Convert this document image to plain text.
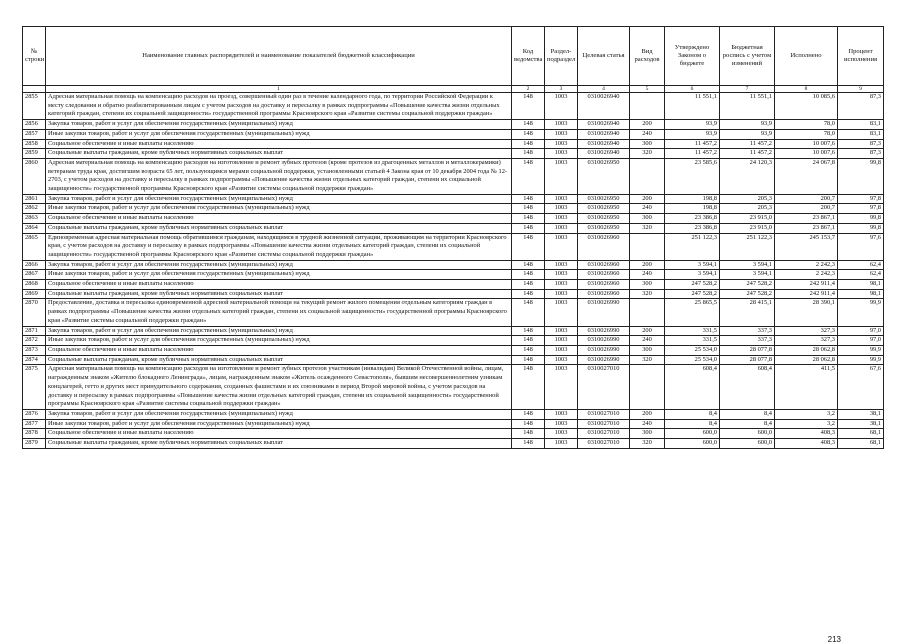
№ строки	Наименование главных распорядителей и наименование показателей бюджетной классификации	Код ведомства	Раздел-подраздел	Целевая статья	Вид расходов	Утверждено Законом о бюджете	Бюджетная роспись с учетом изменений	Исполнено	Процент исполнения
	1	2	3	4	5	6	7	8	9
2855	Адресная материальная помощь на компенсацию расходов на проезд, совершенный один раз в течение календарного года, по территории Российской Федерации к месту следования и обратно реабилитированным лицам с учетом расходов на доставку и пересылку в рамках подпрограммы «Повышение качества жизни отдельных категорий граждан, степени их социальной защищенности» государственной программы Красноярского края «Развитие системы социальной поддержки граждан»	148	1003	0310026940		11 551,1	11 551,1	10 085,6	87,3
2856	Закупка товаров, работ и услуг для обеспечения государственных (муниципальных) нужд	148	1003	0310026940	200	93,9	93,9	78,0	83,1
2857	Иные закупки товаров, работ и услуг для обеспечения государственных (муниципальных) нужд	148	1003	0310026940	240	93,9	93,9	78,0	83,1
2858	Социальное обеспечение и иные выплаты населению	148	1003	0310026940	300	11 457,2	11 457,2	10 007,6	87,3
2859	Социальные выплаты гражданам, кроме публичных нормативных социальных выплат	148	1003	0310026940	320	11 457,2	11 457,2	10 007,6	87,3
2860	Адресная материальная помощь на компенсацию расходов на изготовление и ремонт зубных протезов (кроме протезов из драгоценных металлов и металлокерамики) ветеранам труда края, достигшим возраста 65 лет, пользующимся мерами социальной поддержки, установленными статьей 4 Закона края от 10 декабря 2004 года № 12-2703, с учетом расходов на доставку и пересылку в рамках подпрограммы «Повышение качества жизни отдельных категорий граждан, степени их социальной защищенности» государственной программы Красноярского края «Развитие системы социальной поддержки граждан»	148	1003	0310026950		23 585,6	24 120,3	24 067,8	99,8
2861	Закупка товаров, работ и услуг для обеспечения государственных (муниципальных) нужд	148	1003	0310026950	200	198,8	205,3	200,7	97,8
2862	Иные закупки товаров, работ и услуг для обеспечения государственных (муниципальных) нужд	148	1003	0310026950	240	198,8	205,3	200,7	97,8
2863	Социальное обеспечение и иные выплаты населению	148	1003	0310026950	300	23 386,8	23 915,0	23 867,1	99,8
2864	Социальные выплаты гражданам, кроме публичных нормативных социальных выплат	148	1003	0310026950	320	23 386,8	23 915,0	23 867,1	99,8
2865	Единовременная адресная материальная помощь обратившимся гражданам, находящимся в трудной жизненной ситуации, проживающим на территории Красноярского края, с учетом расходов на доставку и пересылку в рамках подпрограммы «Повышение качества жизни отдельных категорий граждан, степени их социальной защищенности» государственной программы Красноярского края «Развитие системы социальной поддержки граждан»	148	1003	0310026960		251 122,3	251 122,3	245 153,7	97,6
2866	Закупка товаров, работ и услуг для обеспечения государственных (муниципальных) нужд	148	1003	0310026960	200	3 594,1	3 594,1	2 242,3	62,4
2867	Иные закупки товаров, работ и услуг для обеспечения государственных (муниципальных) нужд	148	1003	0310026960	240	3 594,1	3 594,1	2 242,3	62,4
2868	Социальное обеспечение и иные выплаты населению	148	1003	0310026960	300	247 528,2	247 528,2	242 911,4	98,1
2869	Социальные выплаты гражданам, кроме публичных нормативных социальных выплат	148	1003	0310026960	320	247 528,2	247 528,2	242 911,4	98,1
2870	Предоставление, доставка и пересылка единовременной адресной материальной помощи на текущий ремонт жилого помещения отдельным категориям граждан в рамках подпрограммы «Повышение качества жизни отдельных категорий граждан, степени их социальной защищенности» государственной программы Красноярского края «Развитие системы социальной поддержки граждан»	148	1003	0310026990		25 865,5	28 415,1	28 390,1	99,9
2871	Закупка товаров, работ и услуг для обеспечения государственных (муниципальных) нужд	148	1003	0310026990	200	331,5	337,3	327,3	97,0
2872	Иные закупки товаров, работ и услуг для обеспечения государственных (муниципальных) нужд	148	1003	0310026990	240	331,5	337,3	327,3	97,0
2873	Социальное обеспечение и иные выплаты населению	148	1003	0310026990	300	25 534,0	28 077,8	28 062,8	99,9
2874	Социальные выплаты гражданам, кроме публичных нормативных социальных выплат	148	1003	0310026990	320	25 534,0	28 077,8	28 062,8	99,9
2875	Адресная материальная помощь на компенсацию расходов на изготовление и ремонт зубных протезов участникам (инвалидам) Великой Отечественной войны, лицам, награжденным знаком «Жителю блокадного Ленинграда», лицам, награжденным знаком «Житель осажденного Севастополя», бывшим несовершеннолетним узникам концлагерей, гетто и других мест принудительного содержания, созданных фашистами и их союзниками в период Второй мировой войны, с учетом расходов на доставку и пересылку в рамках подпрограммы «Повышение качества жизни отдельных категорий граждан, степени их социальной защищенности» государственной программы Красноярского края «Развитие системы социальной поддержки граждан»	148	1003	0310027010		608,4	608,4	411,5	67,6
2876	Закупка товаров, работ и услуг для обеспечения государственных (муниципальных) нужд	148	1003	0310027010	200	8,4	8,4	3,2	38,1
2877	Иные закупки товаров, работ и услуг для обеспечения государственных (муниципальных) нужд	148	1003	0310027010	240	8,4	8,4	3,2	38,1
2878	Социальное обеспечение и иные выплаты населению	148	1003	0310027010	300	600,0	600,0	408,3	68,1
2879	Социальные выплаты гражданам, кроме публичных нормативных социальных выплат	148	1003	0310027010	320	600,0	600,0	408,3	68,1
213
